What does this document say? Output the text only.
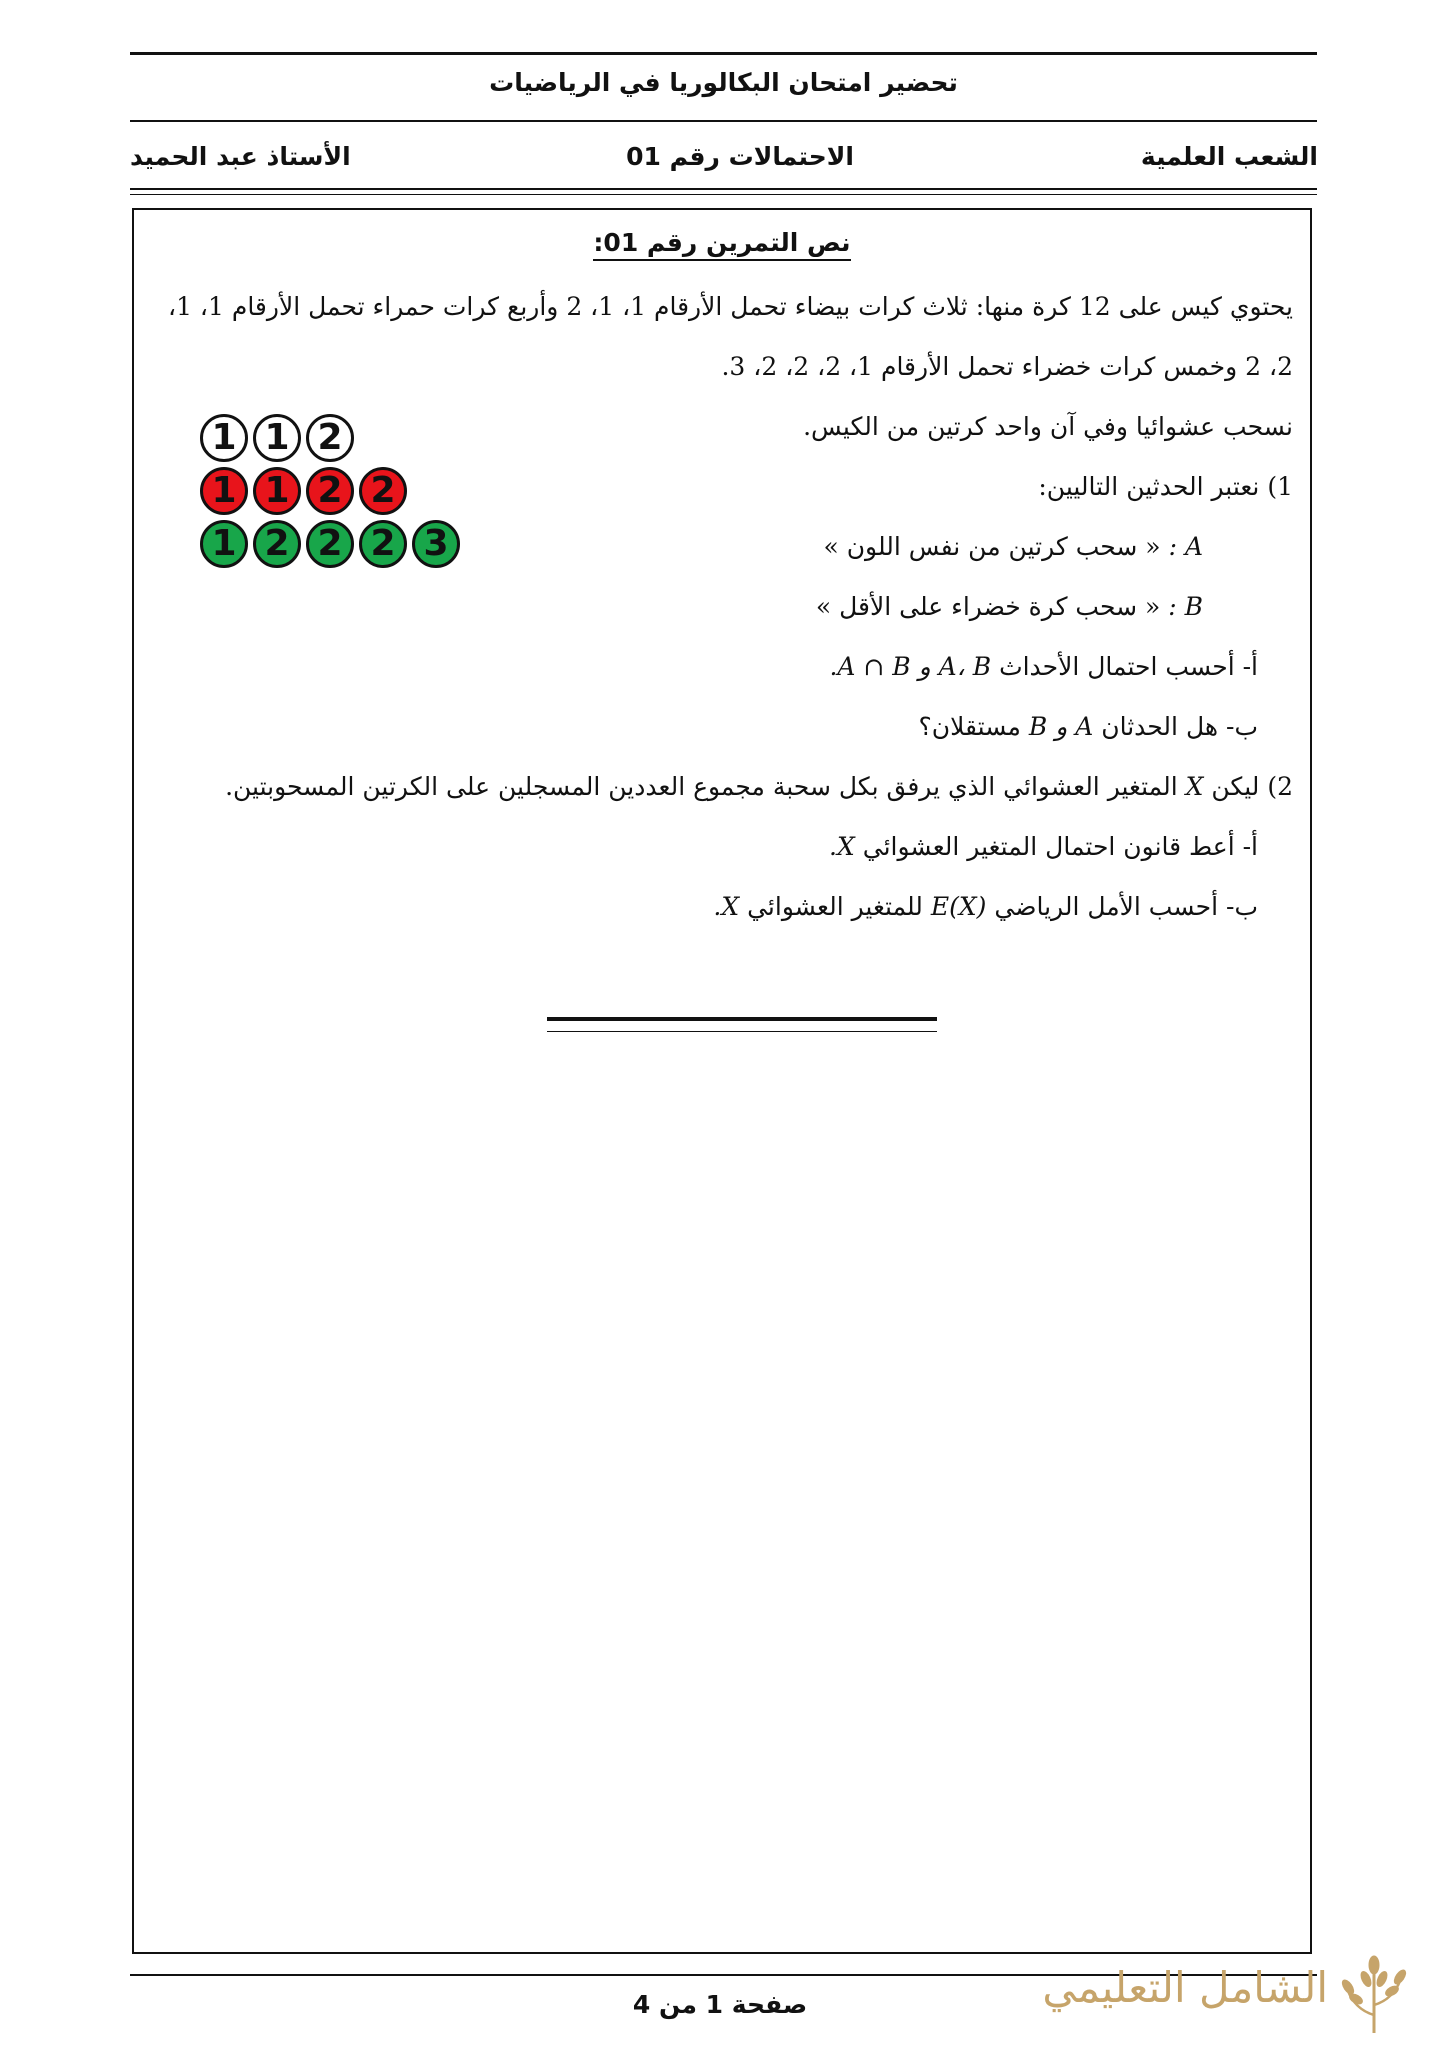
تحضير امتحان البكالوريا في الرياضيات
الشعب العلمية
الاحتمالات رقم 01
الأستاذ عبد الحميد
نص التمرين رقم 01:
يحتوي كيس على 12 كرة منها: ثلاث كرات بيضاء تحمل الأرقام 1، 1، 2 وأربع كرات حمراء تحمل الأرقام 1، 1،
2، 2 وخمس كرات خضراء تحمل الأرقام 1، 2، 2، 2، 3.
نسحب عشوائيا وفي آن واحد كرتين من الكيس.
1) نعتبر الحدثين التاليين:
A : « سحب كرتين من نفس اللون »
B : « سحب كرة خضراء على الأقل »
أ- أحسب احتمال الأحداث A، B و A ∩ B.
ب- هل الحدثان A و B مستقلان؟
2) ليكن X المتغير العشوائي الذي يرفق بكل سحبة مجموع العددين المسجلين على الكرتين المسحوبتين.
أ- أعط قانون احتمال المتغير العشوائي X.
ب- أحسب الأمل الرياضي E(X) للمتغير العشوائي X.
1 1 2
1 1 2 2
1 2 2 2 3
صفحة 1 من 4	الشامل التعليمي
